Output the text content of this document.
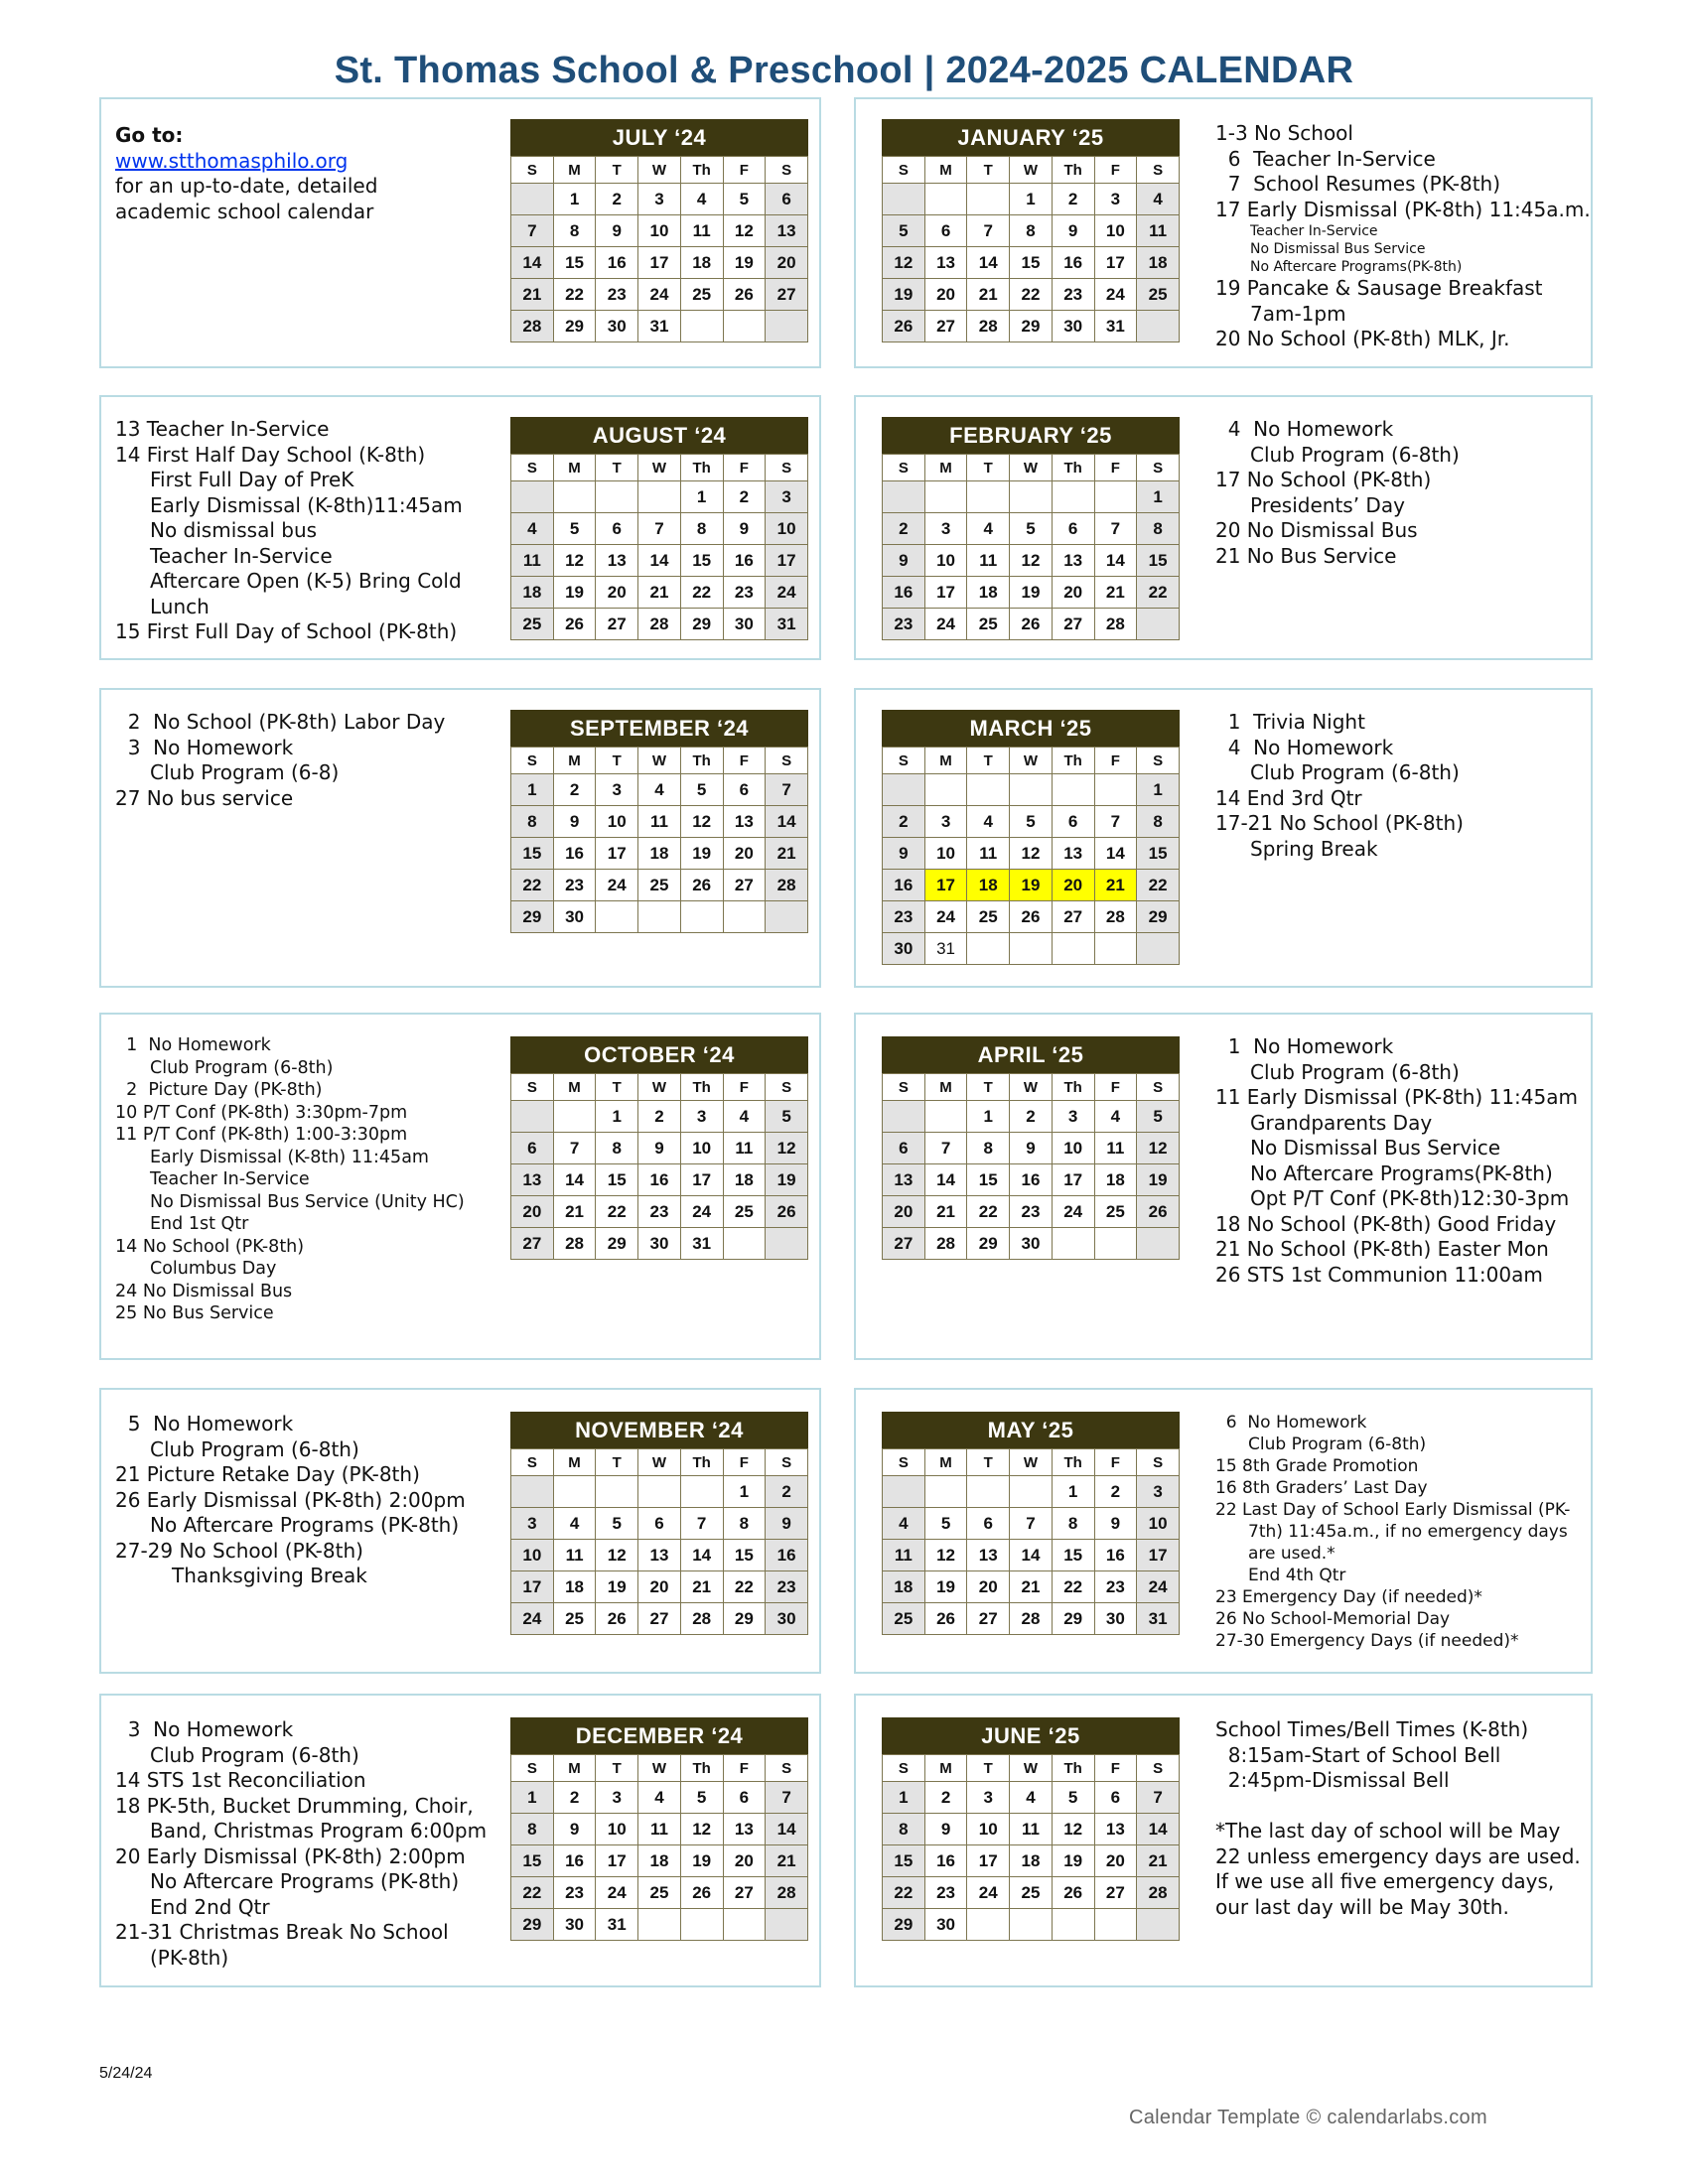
St. Thomas School & Preschool | 2024-2025 CALENDAR
Go to:
www.stthomasphilo.org
for an up-to-date, detailed
academic school calendar
JULY ‘24
S	M	T	W	Th	F	S
	1	2	3	4	5	6
7	8	9	10	11	12	13
14	15	16	17	18	19	20
21	22	23	24	25	26	27
28	29	30	31			
JANUARY ‘25
S	M	T	W	Th	F	S
			1	2	3	4
5	6	7	8	9	10	11
12	13	14	15	16	17	18
19	20	21	22	23	24	25
26	27	28	29	30	31	
1-3 No School
6  Teacher In-Service
7  School Resumes (PK-8th)
17 Early Dismissal (PK-8th) 11:45a.m.
Teacher In-Service
No Dismissal Bus Service
No Aftercare Programs(PK-8th)
19 Pancake & Sausage Breakfast
7am-1pm
20 No School (PK-8th) MLK, Jr.
13 Teacher In-Service
14 First Half Day School (K-8th)
First Full Day of PreK
Early Dismissal (K-8th)11:45am
No dismissal bus
Teacher In-Service
Aftercare Open (K-5) Bring Cold
Lunch
15 First Full Day of School (PK-8th)
AUGUST ‘24
S	M	T	W	Th	F	S
				1	2	3
4	5	6	7	8	9	10
11	12	13	14	15	16	17
18	19	20	21	22	23	24
25	26	27	28	29	30	31
FEBRUARY ‘25
S	M	T	W	Th	F	S
						1
2	3	4	5	6	7	8
9	10	11	12	13	14	15
16	17	18	19	20	21	22
23	24	25	26	27	28	
4  No Homework
Club Program (6-8th)
17 No School (PK-8th)
Presidents’ Day
20 No Dismissal Bus
21 No Bus Service
2  No School (PK-8th) Labor Day
3  No Homework
Club Program (6-8)
27 No bus service
SEPTEMBER ‘24
S	M	T	W	Th	F	S
1	2	3	4	5	6	7
8	9	10	11	12	13	14
15	16	17	18	19	20	21
22	23	24	25	26	27	28
29	30					
MARCH ‘25
S	M	T	W	Th	F	S
						1
2	3	4	5	6	7	8
9	10	11	12	13	14	15
16	17	18	19	20	21	22
23	24	25	26	27	28	29
30	31					
1  Trivia Night
4  No Homework
Club Program (6-8th)
14 End 3rd Qtr
17-21 No School (PK-8th)
Spring Break
1  No Homework
Club Program (6-8th)
2  Picture Day (PK-8th)
10 P/T Conf (PK-8th) 3:30pm-7pm
11 P/T Conf (PK-8th) 1:00-3:30pm
Early Dismissal (K-8th) 11:45am
Teacher In-Service
No Dismissal Bus Service (Unity HC)
End 1st Qtr
14 No School (PK-8th)
Columbus Day
24 No Dismissal Bus
25 No Bus Service
OCTOBER ‘24
S	M	T	W	Th	F	S
		1	2	3	4	5
6	7	8	9	10	11	12
13	14	15	16	17	18	19
20	21	22	23	24	25	26
27	28	29	30	31		
APRIL ‘25
S	M	T	W	Th	F	S
		1	2	3	4	5
6	7	8	9	10	11	12
13	14	15	16	17	18	19
20	21	22	23	24	25	26
27	28	29	30			
1  No Homework
Club Program (6-8th)
11 Early Dismissal (PK-8th) 11:45am
Grandparents Day
No Dismissal Bus Service
No Aftercare Programs(PK-8th)
Opt P/T Conf (PK-8th)12:30-3pm
18 No School (PK-8th) Good Friday
21 No School (PK-8th) Easter Mon
26 STS 1st Communion 11:00am
5  No Homework
Club Program (6-8th)
21 Picture Retake Day (PK-8th)
26 Early Dismissal (PK-8th) 2:00pm
No Aftercare Programs (PK-8th)
27-29 No School (PK-8th)
Thanksgiving Break
NOVEMBER ‘24
S	M	T	W	Th	F	S
					1	2
3	4	5	6	7	8	9
10	11	12	13	14	15	16
17	18	19	20	21	22	23
24	25	26	27	28	29	30
MAY ‘25
S	M	T	W	Th	F	S
				1	2	3
4	5	6	7	8	9	10
11	12	13	14	15	16	17
18	19	20	21	22	23	24
25	26	27	28	29	30	31
6  No Homework
Club Program (6-8th)
15 8th Grade Promotion
16 8th Graders’ Last Day
22 Last Day of School Early Dismissal (PK-
7th) 11:45a.m., if no emergency days
are used.*
End 4th Qtr
23 Emergency Day (if needed)*
26 No School-Memorial Day
27-30 Emergency Days (if needed)*
3  No Homework
Club Program (6-8th)
14 STS 1st Reconciliation
18 PK-5th, Bucket Drumming, Choir,
Band, Christmas Program 6:00pm
20 Early Dismissal (PK-8th) 2:00pm
No Aftercare Programs (PK-8th)
End 2nd Qtr
21-31 Christmas Break No School
(PK-8th)
DECEMBER ‘24
S	M	T	W	Th	F	S
1	2	3	4	5	6	7
8	9	10	11	12	13	14
15	16	17	18	19	20	21
22	23	24	25	26	27	28
29	30	31				
JUNE ‘25
S	M	T	W	Th	F	S
1	2	3	4	5	6	7
8	9	10	11	12	13	14
15	16	17	18	19	20	21
22	23	24	25	26	27	28
29	30					
School Times/Bell Times (K-8th)
8:15am-Start of School Bell
2:45pm-Dismissal Bell
*The last day of school will be May
22 unless emergency days are used.
If we use all five emergency days,
our last day will be May 30th.
5/24/24
Calendar Template © calendarlabs.com
